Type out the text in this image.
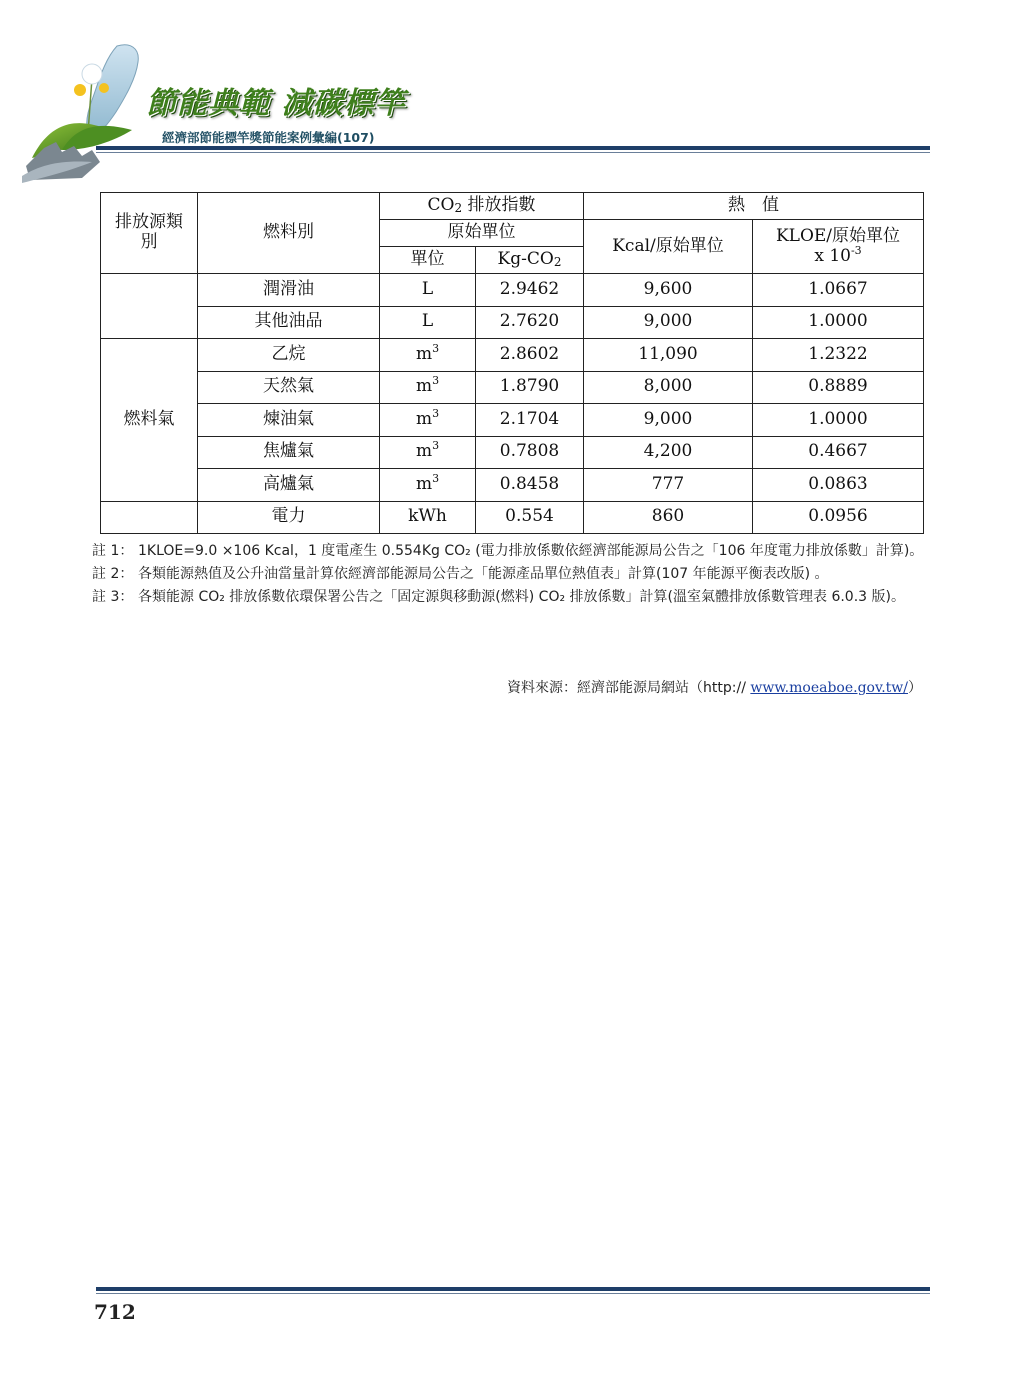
節能典範 減碳標竿
經濟部節能標竿獎節能案例彙編(107)
排放源類別	燃料別	$CO_2$ 排放指數		熱　值	
		原始單位		Kcal/原始單位	KLOE/原始單位
x $10^{-3}$

		單位	$Kg-CO_2$
	潤滑油	L	2.9462	9,600	1.0667
	其他油品	L	2.7620	9,000	1.0000
燃料氣	乙烷	$m^3$	2.8602	11,090	1.2322
	天然氣	$m^3$	1.8790	8,000	0.8889
	煉油氣	$m^3$	2.1704	9,000	1.0000
	焦爐氣	$m^3$	0.7808	4,200	0.4667
	高爐氣	$m^3$	0.8458	777	0.0863
	電力	kWh	0.554	860	0.0956
註 1： 1KLOE=9.0 ×106 Kcal，1 度電產生 0.554Kg CO₂ (電力排放係數依經濟部能源局公告之「106 年度電力排放係數」計算)。
註 2： 各類能源熱值及公升油當量計算依經濟部能源局公告之「能源產品單位熱值表」計算(107 年能源平衡表改版) 。
註 3： 各類能源 CO₂ 排放係數依環保署公告之「固定源與移動源(燃料) CO₂ 排放係數」計算(溫室氣體排放係數管理表 6.0.3 版)。
資料來源：經濟部能源局網站（http:// www.moeaboe.gov.tw/）
712
